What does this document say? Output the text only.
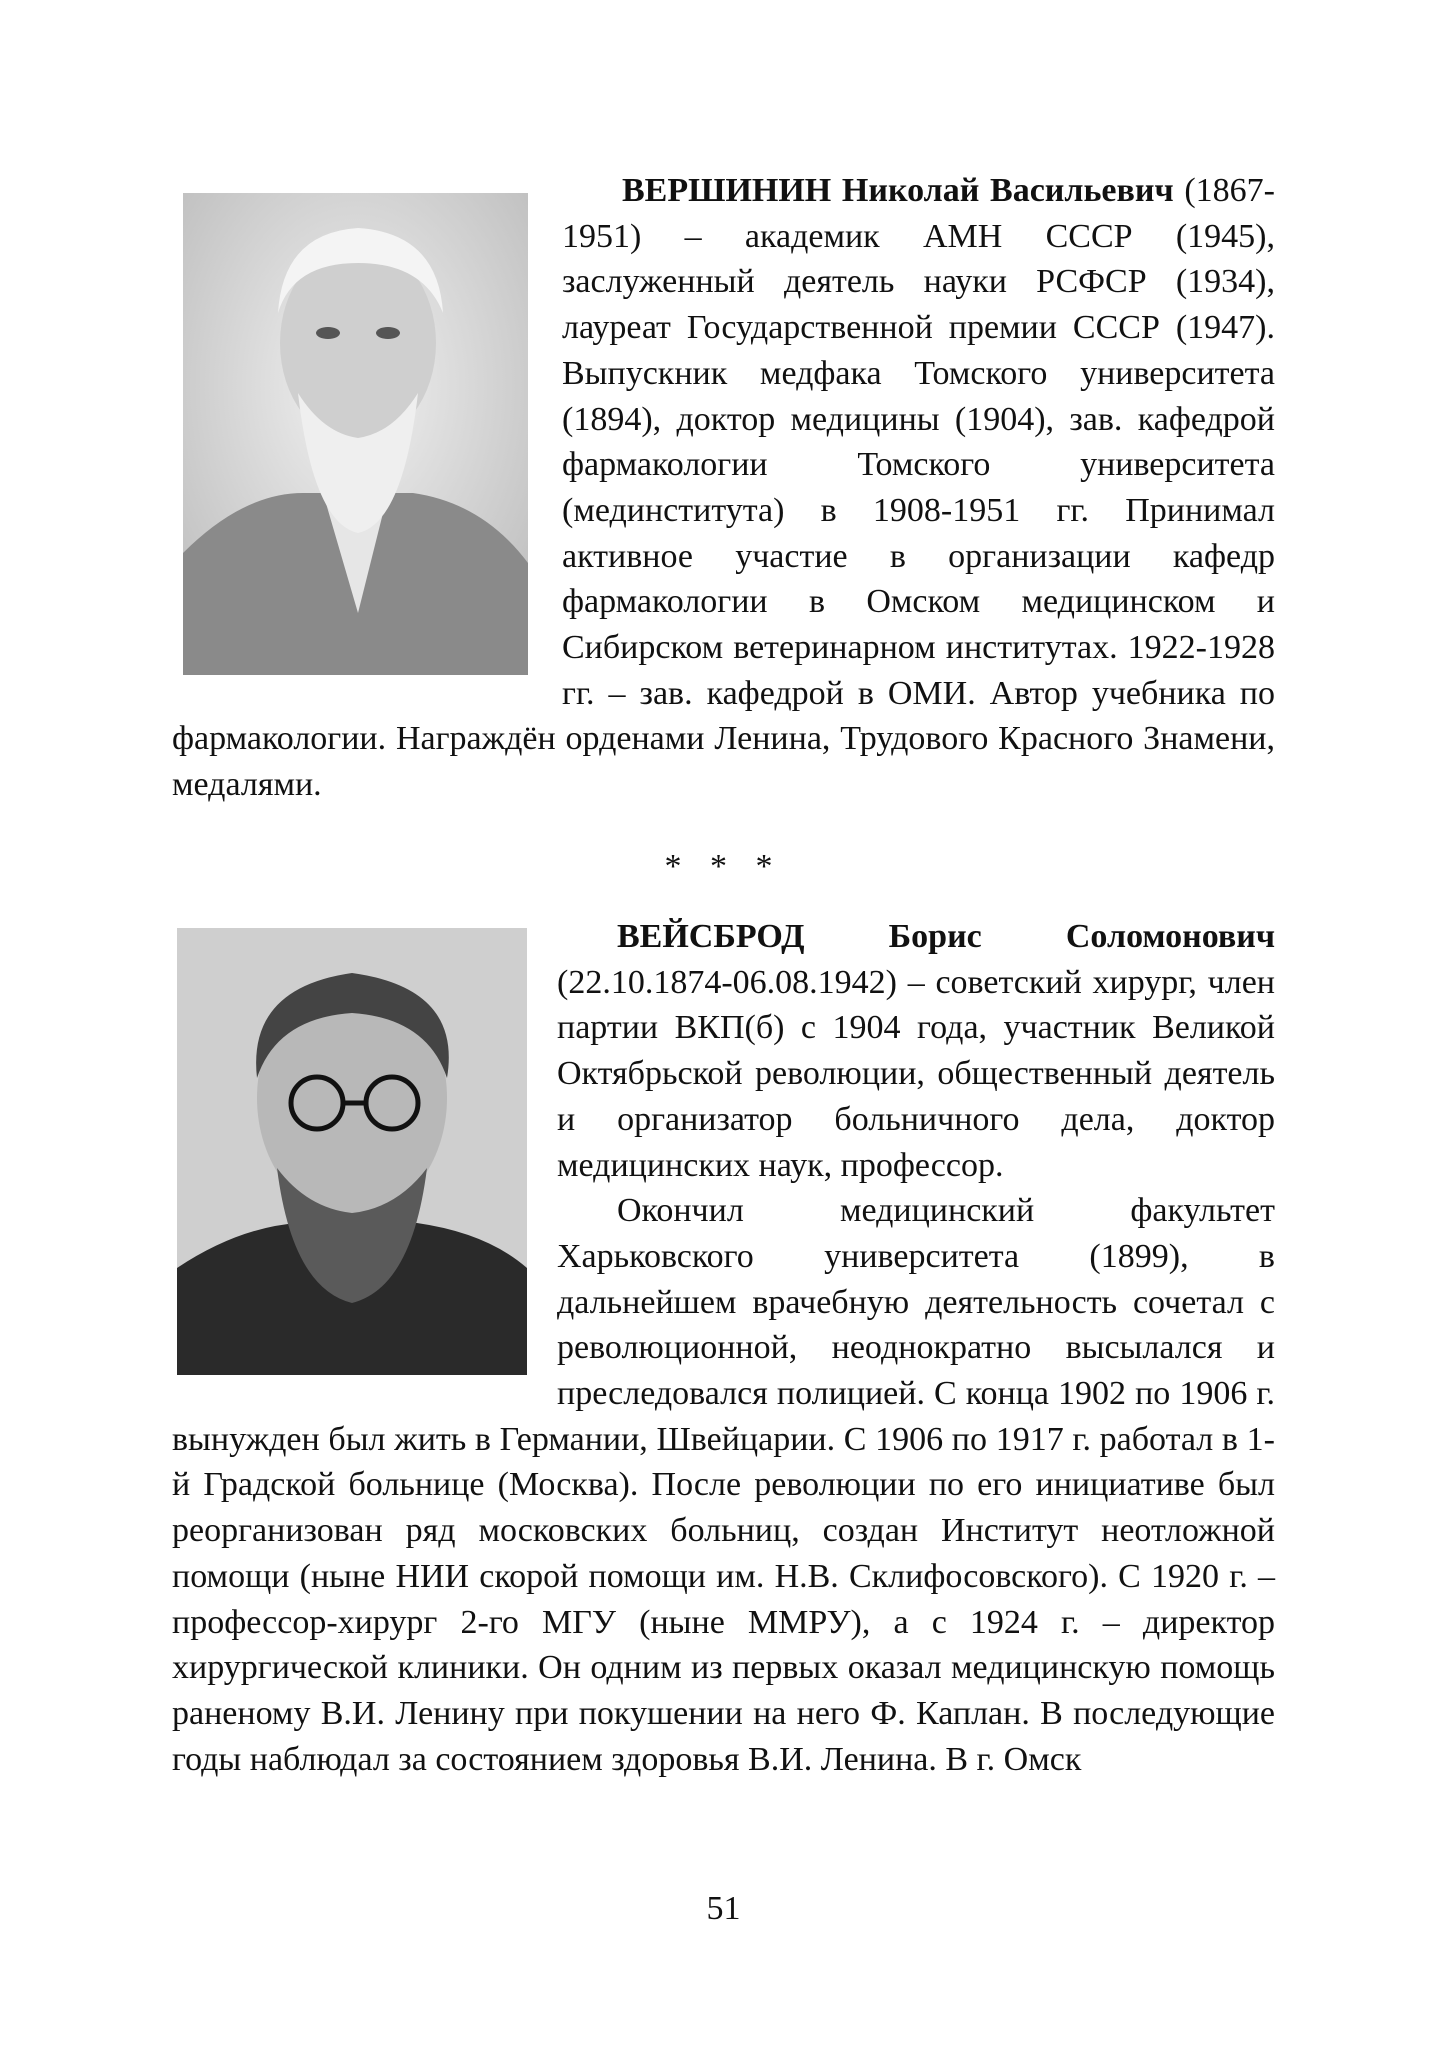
ВЕРШИНИН Николай Васильевич (1867-1951) – академик АМН СССР (1945), заслуженный деятель науки РСФСР (1934), лауреат Государственной премии СССР (1947). Выпускник медфака Томского университета (1894), доктор медицины (1904), зав. кафедрой фармакологии Томского университета (мединститута) в 1908-1951 гг. Принимал активное участие в организации кафедр фармакологии в Омском медицинском и Сибирском ветеринарном институтах. 1922-1928 гг. – зав. кафедрой в ОМИ. Автор учебника по фармакологии. Награждён орденами Ленина, Трудового Красного Знамени, медалями.
* * *
ВЕЙСБРОД Борис Соломонович (22.10.1874-06.08.1942) – советский хирург, член партии ВКП(б) с 1904 года, участник Великой Октябрьской революции, общественный деятель и организатор больничного дела, доктор медицинских наук, профессор.
Окончил медицинский факультет Харьковского университета (1899), в дальнейшем врачебную деятельность сочетал с революционной, неоднократно высылался и преследовался полицией. С конца 1902 по 1906 г. вынужден был жить в Германии, Швейцарии. С 1906 по 1917 г. работал в 1-й Градской больнице (Москва). После революции по его инициативе был реорганизован ряд московских больниц, создан Институт неотложной помощи (ныне НИИ скорой помощи им. Н.В. Склифосовского). С 1920 г. – профессор-хирург 2-го МГУ (ныне ММРУ), а с 1924 г. – директор хирургической клиники. Он одним из первых оказал медицинскую помощь раненому В.И. Ленину при покушении на него Ф. Каплан. В последующие годы наблюдал за состоянием здоровья В.И. Ленина. В г. Омск
51
